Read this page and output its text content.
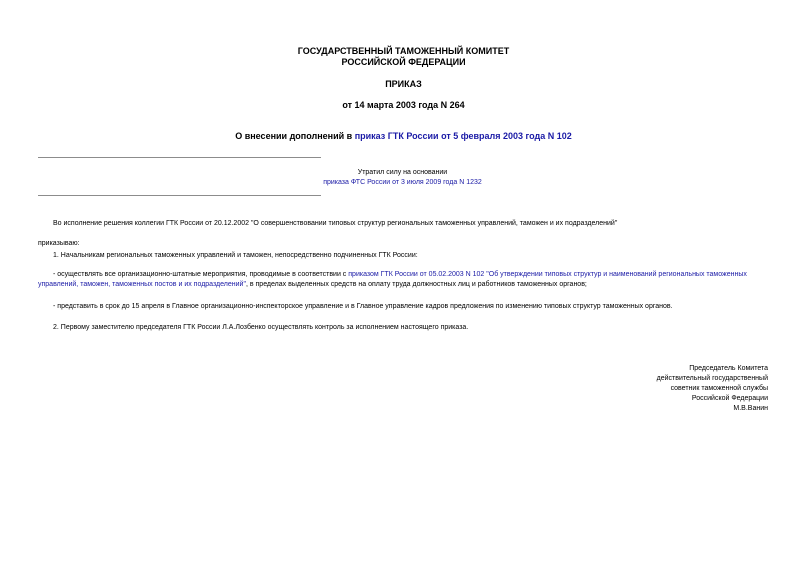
ГОСУДАРСТВЕННЫЙ ТАМОЖЕННЫЙ КОМИТЕТ
РОССИЙСКОЙ ФЕДЕРАЦИИ
ПРИКАЗ
от 14 марта 2003 года N 264
О внесении дополнений в приказ ГТК России от 5 февраля 2003 года N 102
Утратил силу на основании
приказа ФТС России от 3 июля 2009 года N 1232
Во исполнение решения коллегии ГТК России от 20.12.2002 "О совершенствовании типовых структур региональных таможенных управлений, таможен и их подразделений"
приказываю:
1. Начальникам региональных таможенных управлений и таможен, непосредственно подчиненных ГТК России:
- осуществлять все организационно-штатные мероприятия, проводимые в соответствии с приказом ГТК России от 05.02.2003 N 102 "Об утверждении типовых структур и наименований региональных таможенных
управлений, таможен, таможенных постов и их подразделений", в пределах выделенных средств на оплату труда должностных лиц и работников таможенных органов;
- представить в срок до 15 апреля в Главное организационно-инспекторское управление и в Главное управление кадров предложения по изменению типовых структур таможенных органов.
2. Первому заместителю председателя ГТК России Л.А.Лозбенко осуществлять контроль за исполнением настоящего приказа.
Председатель Комитета
действительный государственный
советник таможенной службы
Российской Федерации
М.В.Ванин
